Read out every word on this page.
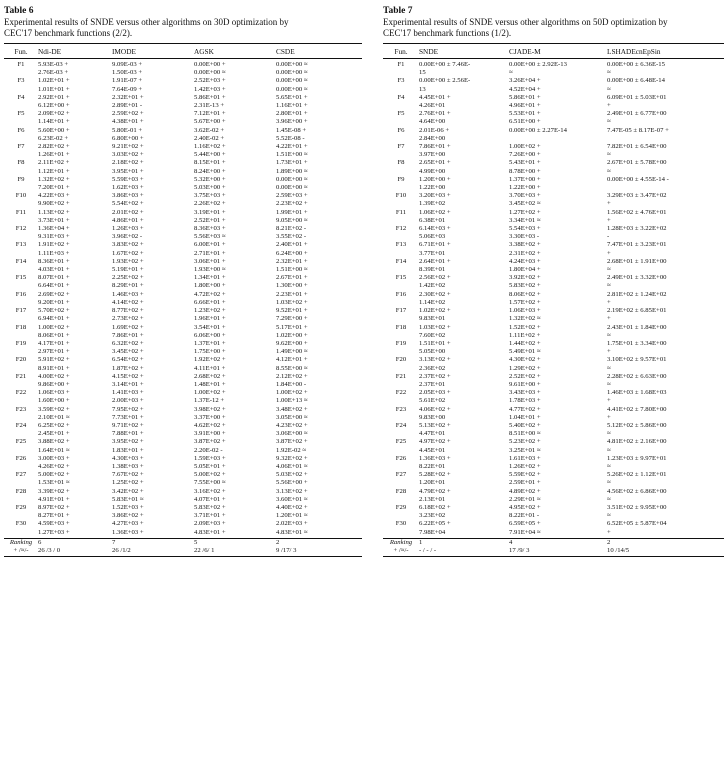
Table 6
Experimental results of SNDE versus other algorithms on 30D optimization by
CEC'17 benchmark functions (2/2).
Fun.	Ndi-DE	IMODE	AGSK	CSDE
F1	5.93E-03 +	9.09E-03 +	0.00E+00 +	0.00E+00 ≈
2.76E-03 +	1.50E-03 +	0.00E+00 ≈	0.00E+00 ≈
F3	1.02E+01 +	1.91E-07 +	2.52E+03 +	0.00E+00 ≈
1.01E+01 +	7.64E-09 +	1.42E+03 +	0.00E+00 ≈
F4	2.92E+01 +	2.32E+01 +	5.86E+01 +	5.65E+01 +
6.12E+00 +	2.89E+01 -	2.31E-13 +	1.16E+01 +
F5	2.09E+02 +	2.59E+02 +	7.12E+01 +	2.80E+01 +
1.14E+01 +	4.38E+01 +	5.67E+00 +	3.96E+00 +
F6	5.60E+00 +	5.80E-01 +	3.62E-02 +	1.45E-08 +
6.23E-02 +	6.80E+00 +	2.40E-02 +	5.52E-08 -
F7	2.82E+02 +	9.21E+02 +	1.16E+02 +	4.22E+01 +
1.26E+01 +	3.03E+02 +	5.44E+00 +	1.51E+00 ≈
F8	2.11E+02 +	2.18E+02 +	8.15E+01 +	1.73E+01 +
1.12E+01 +	3.95E+01 +	8.24E+00 +	1.89E+00 ≈
F9	1.32E+02 +	5.59E+03 +	5.32E+00 +	0.00E+00 ≈
7.20E+01 +	1.62E+03 +	5.03E+00 +	0.00E+00 ≈
F10	4.22E+03 +	3.86E+03 +	3.75E+03 +	2.59E+03 +
9.90E+02 +	5.54E+02 +	2.26E+02 +	2.23E+02 +
F11	1.13E+02 +	2.01E+02 +	3.19E+01 +	1.99E+01 +
3.73E+01 +	4.86E+01 +	2.52E+01 +	9.05E+00 ≈
F12	1.36E+04 +	1.26E+03 +	8.36E+03 +	8.21E+02 -
9.31E+03 +	3.96E+02 -	5.56E+03 ≈	3.55E+02 -
F13	1.91E+02 +	3.83E+02 +	6.00E+01 +	2.40E+01 +
1.11E+03 +	1.67E+02 +	2.71E+01 +	6.24E+00 +
F14	8.36E+01 +	1.93E+02 +	3.06E+01 +	2.32E+01 +
4.03E+01 +	5.19E+01 +	1.93E+00 ≈	1.51E+00 ≈
F15	8.07E+01 +	2.25E+02 +	1.34E+01 +	2.67E+01 +
6.64E+01 +	8.29E+01 +	1.80E+00 +	1.30E+00 +
F16	2.69E+02 +	1.46E+03 +	4.72E+02 +	2.23E+01 +
9.20E+01 +	4.14E+02 +	6.66E+01 +	1.03E+02 +
F17	5.70E+02 +	8.77E+02 +	1.23E+02 +	9.52E+01 +
6.94E+01 +	2.73E+02 +	1.96E+01 +	7.29E+00 +
F18	1.00E+02 +	1.69E+02 +	3.54E+01 +	5.17E+01 +
8.06E+01 +	7.86E+01 +	6.06E+00 +	1.02E+00 +
F19	4.17E+01 +	6.32E+02 +	1.37E+01 +	9.62E+00 +
2.97E+01 +	3.45E+02 +	1.75E+00 +	1.49E+00 ≈
F20	5.91E+02 +	6.54E+02 +	1.92E+02 +	4.12E+01 +
8.91E+01 +	1.87E+02 +	4.11E+01 +	8.55E+00 ≈
F21	4.00E+02 +	4.15E+02 +	2.68E+02 +	2.12E+02 +
9.86E+00 +	3.14E+01 +	1.48E+01 +	1.84E+00 -
F22	1.06E+03 +	1.41E+03 +	1.00E+02 +	1.00E+02 +
1.60E+00 +	2.00E+03 +	1.37E-12 +	1.00E+13 ≈
F23	3.59E+02 +	7.95E+02 +	3.98E+02 +	3.48E+02 +
2.10E+01 ≈	7.73E+01 +	3.37E+00 +	3.05E+00 ≈
F24	6.25E+02 +	9.71E+02 +	4.62E+02 +	4.23E+02 +
2.45E+01 +	7.88E+01 +	3.91E+00 +	3.06E+00 ≈
F25	3.88E+02 +	3.95E+02 +	3.87E+02 +	3.87E+02 +
1.64E+01 ≈	1.83E+01 +	2.20E-02 -	1.92E-02 ≈
F26	3.00E+03 +	4.30E+03 +	1.59E+03 +	9.32E+02 +
4.26E+02 +	1.38E+03 +	5.05E+01 +	4.06E+01 ≈
F27	5.00E+02 +	7.67E+02 +	5.00E+02 +	5.03E+02 +
1.53E+01 ≈	1.25E+02 +	7.55E+00 ≈	5.56E+00 +
F28	3.39E+02 +	3.42E+02 +	3.16E+02 +	3.13E+02 +
4.91E+01 +	5.83E+01 ≈	4.07E+01 +	3.60E+01 ≈
F29	8.97E+02 +	1.52E+03 +	5.83E+02 +	4.40E+02 +
8.27E+01 +	3.86E+02 +	3.71E+01 +	1.20E+01 ≈
F30	4.59E+03 +	4.27E+03 +	2.09E+03 +	2.02E+03 +
1.27E+03 +	1.36E+03 +	4.83E+01 +	4.83E+01 ≈
Ranking 6	7	5	2
+ /≈/-	26 /3 / 0	26 /1/2	22 /6/ 1	9 /17/ 3
Table 7
Experimental results of SNDE versus other algorithms on 50D optimization by
CEC'17 benchmark functions (1/2).
Fun.	SNDE	CJADE-M	LSHADEcnEpSin
F1	0.00E+00 ± 7.46E-	0.00E+00 ± 2.92E-13	0.00E+00 ± 6.36E-15
15	≈	≈
F3	0.00E+00 ± 2.56E-	3.26E+04 +	0.00E+00 ± 6.48E-14
13	4.52E+04 +	≈
F4	4.45E+01 +	5.86E+01 +	6.09E+01 ± 5.03E+01
4.26E+01	4.96E+01 +	+
F5	2.76E+01 +	5.53E+01 +	2.49E+01 ± 6.77E+00
4.64E+00	6.51E+00 +	≈
F6	2.01E-06 +	0.00E+00 ± 2.27E-14	7.47E-05 ± 8.17E-07 +
2.84E+00
F7	7.86E+01 +	1.00E+02 +	7.82E+01 ± 6.54E+00
3.97E+00	7.26E+00 +	≈
F8	2.65E+01 +	5.43E+01 +	2.67E+01 ± 5.78E+00
4.99E+00	8.78E+00 +	≈
F9	1.20E+00 +	1.37E+00 +	0.00E+00 ± 4.55E-14 -
1.22E+00	1.22E+00 +
F10	3.20E+03 +	3.70E+03 +	3.29E+03 ± 3.47E+02
1.39E+02	3.45E+02 ≈	+
F11	1.06E+02 +	1.27E+02 +	1.56E+02 ± 4.76E+01
6.38E+01	3.34E+01 ≈	+
F12	6.14E+03 +	5.54E+03 +	1.28E+03 ± 3.22E+02
5.06E+03	3.30E+03 -	-
F13	6.71E+01 +	3.38E+02 +	7.47E+01 ± 3.23E+01
3.77E+01	2.31E+02 +	+
F14	2.64E+01 +	4.24E+03 +	2.68E+01 ± 1.91E+00
8.39E+01	1.80E+04 +	≈
F15	2.56E+02 +	3.92E+02 +	2.49E+01 ± 3.32E+00
1.42E+02	5.83E+02 +	≈
F16	2.30E+02 +	8.06E+02 +	2.81E+02 ± 1.24E+02
1.14E+02	1.57E+02 +	+
F17	1.02E+02 +	1.06E+03 +	2.19E+02 ± 6.85E+01
9.83E+01	1.32E+02 ≈	+
F18	1.03E+02 +	1.52E+02 +	2.43E+01 ± 1.84E+00
7.60E+02	1.11E+02 +	≈
F19	1.51E+01 +	1.44E+02 +	1.75E+01 ± 3.34E+00
5.05E+00	5.49E+01 ≈	+
F20	3.13E+02 +	4.30E+02 +	3.10E+02 ± 9.57E+01
2.36E+02	1.29E+02 +	≈
F21	2.37E+02 +	2.52E+02 +	2.28E+02 ± 6.63E+00
2.37E+01	9.61E+00 +	≈
F22	2.05E+03 +	3.43E+03 +	1.46E+03 ± 1.68E+03
5.61E+02	1.78E+03 +	+
F23	4.06E+02 +	4.77E+02 +	4.41E+02 ± 7.80E+00
9.83E+00	1.04E+01 +	+
F24	5.13E+02 +	5.40E+02 +	5.12E+02 ± 5.86E+00
4.47E+01	8.51E+00 ≈	≈
F25	4.97E+02 +	5.23E+02 +	4.81E+02 ± 2.16E+00
4.45E+01	3.25E+01 ≈	≈
F26	1.36E+03 +	1.61E+03 +	1.23E+03 ± 9.97E+01
8.22E+01	1.26E+02 +	≈
F27	5.28E+02 +	5.59E+02 +	5.26E+02 ± 1.12E+01
1.20E+01	2.59E+01 +	≈
F28	4.79E+02 +	4.89E+02 +	4.56E+02 ± 6.86E+00
2.13E+01	2.29E+01 ≈	≈
F29	6.18E+02 +	4.95E+02 +	3.51E+02 ± 9.95E+00
3.23E+02	8.22E+01 -	≈
F30	6.22E+05 +	6.59E+05 +	6.52E+05 ± 5.87E+04
7.98E+04	7.91E+04 ≈	+
Ranking	1	4	2
+ /≈/-	- / - / -	17 /9/ 3	10 /14/5
